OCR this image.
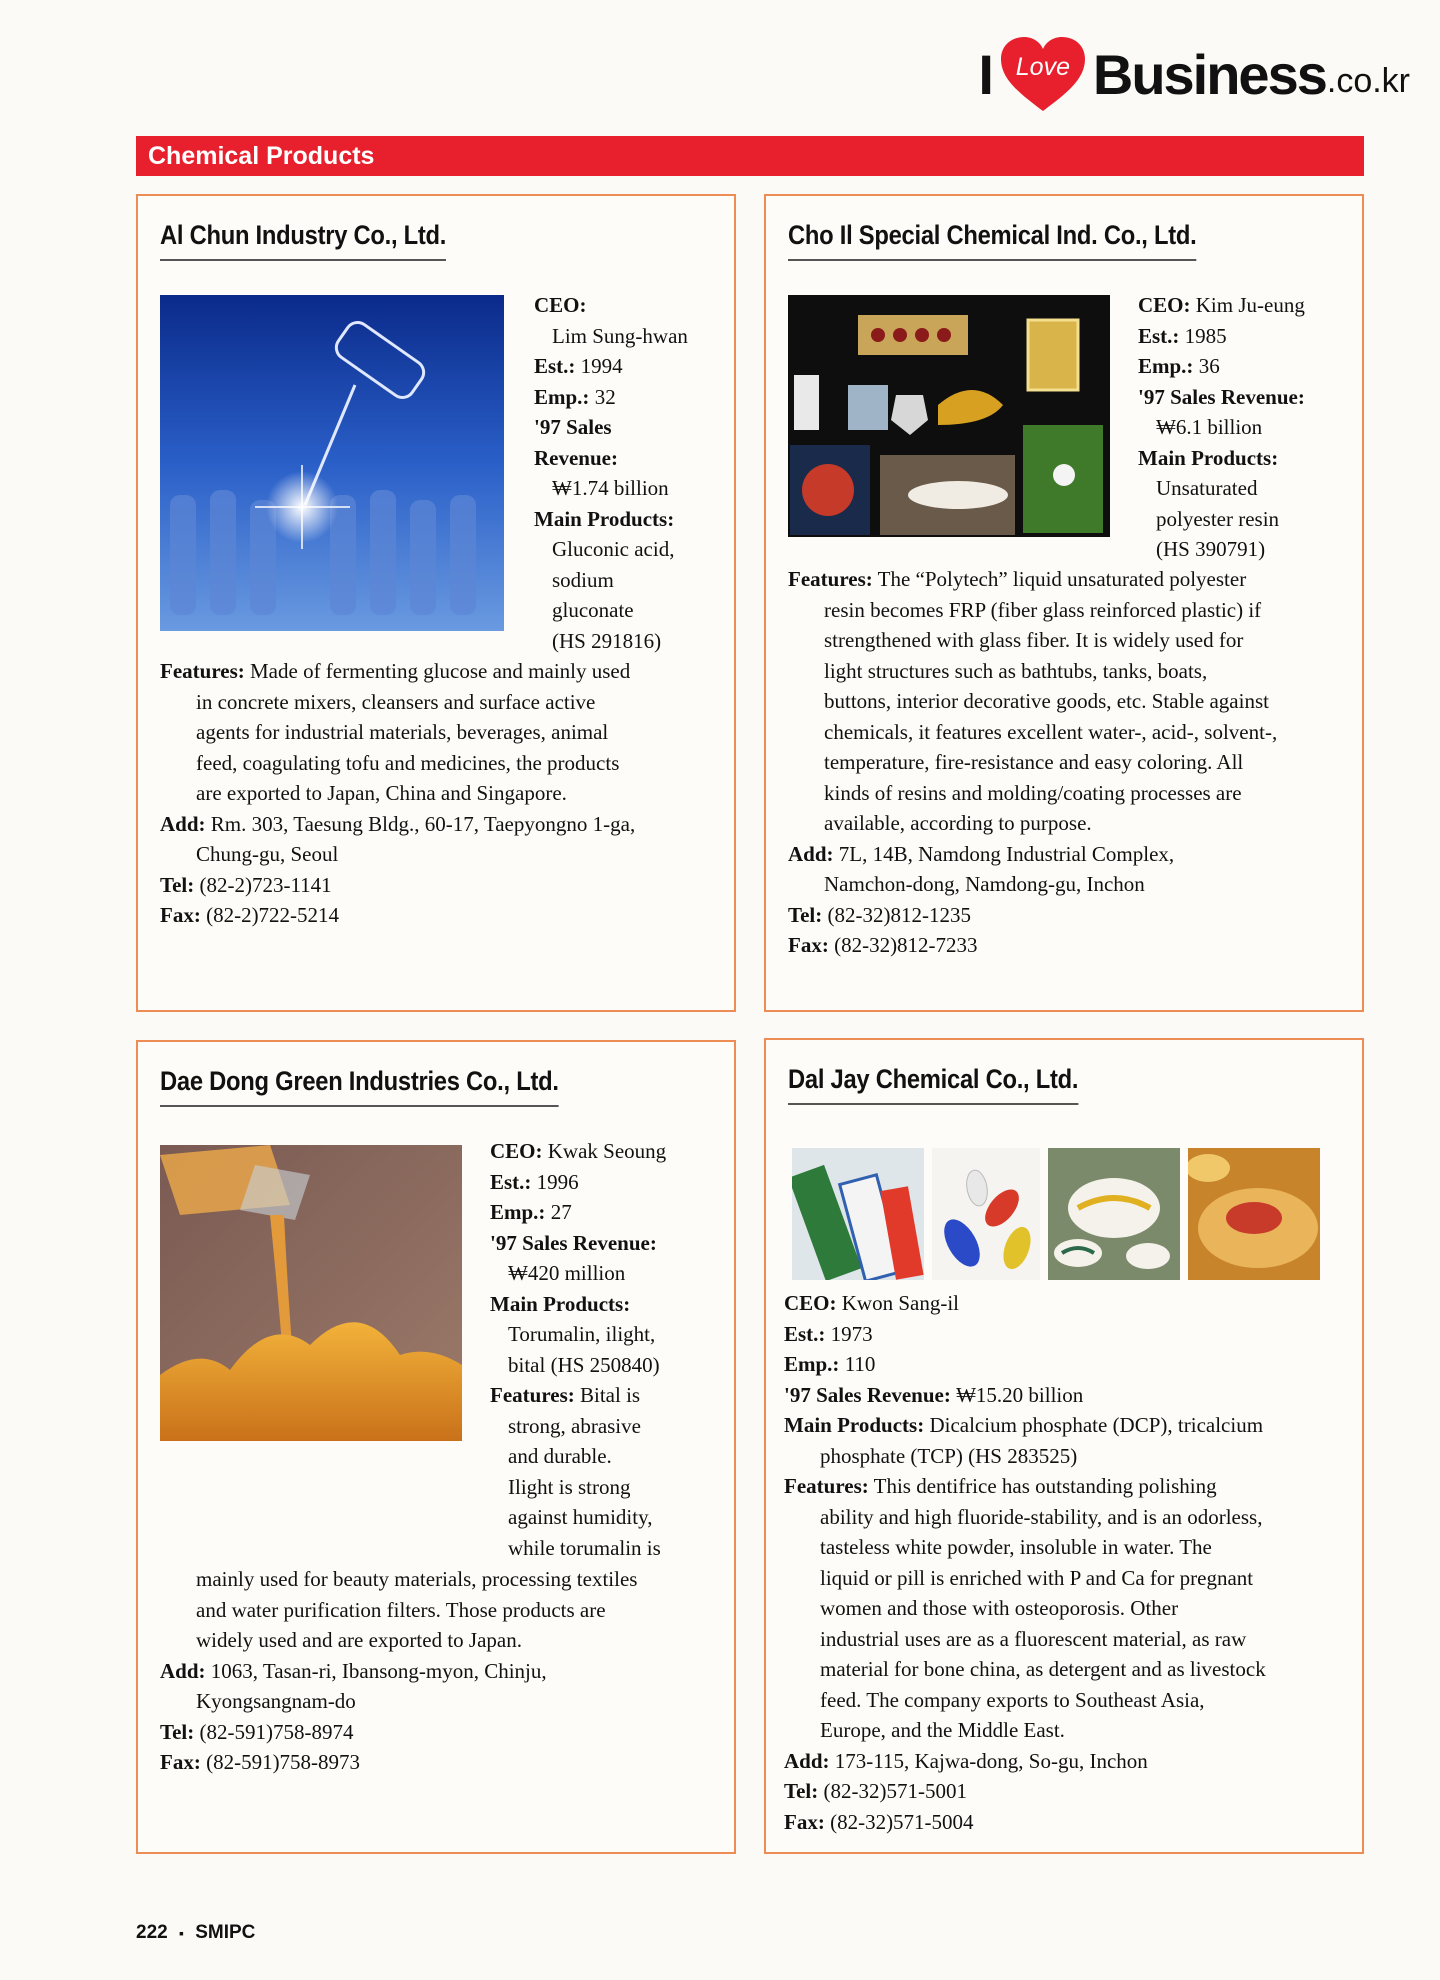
I Love Business .co.kr
Chemical Products
Al Chun Industry Co., Ltd.
CEO:
Lim Sung-hwan
Est.: 1994
Emp.: 32
'97 Sales
Revenue:
₩1.74 billion
Main Products:
Gluconic acid,
sodium
gluconate
(HS 291816)
Features: Made of fermenting glucose and mainly used
in concrete mixers, cleansers and surface active
agents for industrial materials, beverages, animal
feed, coagulating tofu and medicines, the products
are exported to Japan, China and Singapore.
Add: Rm. 303, Taesung Bldg., 60-17, Taepyongno 1-ga,
Chung-gu, Seoul
Tel: (82-2)723-1141
Fax: (82-2)722-5214
Cho Il Special Chemical Ind. Co., Ltd.
CEO: Kim Ju-eung
Est.: 1985
Emp.: 36
'97 Sales Revenue:
₩6.1 billion
Main Products:
Unsaturated
polyester resin
(HS 390791)
Features: The “Polytech” liquid unsaturated polyester
resin becomes FRP (fiber glass reinforced plastic) if
strengthened with glass fiber. It is widely used for
light structures such as bathtubs, tanks, boats,
buttons, interior decorative goods, etc. Stable against
chemicals, it features excellent water-, acid-, solvent-,
temperature, fire-resistance and easy coloring. All
kinds of resins and molding/coating processes are
available, according to purpose.
Add: 7L, 14B, Namdong Industrial Complex,
Namchon-dong, Namdong-gu, Inchon
Tel: (82-32)812-1235
Fax: (82-32)812-7233
Dae Dong Green Industries Co., Ltd.
CEO: Kwak Seoung
Est.: 1996
Emp.: 27
'97 Sales Revenue:
₩420 million
Main Products:
Torumalin, ilight,
bital (HS 250840)
Features: Bital is
strong, abrasive
and durable.
Ilight is strong
against humidity,
while torumalin is
mainly used for beauty materials, processing textiles
and water purification filters. Those products are
widely used and are exported to Japan.
Add: 1063, Tasan-ri, Ibansong-myon, Chinju,
Kyongsangnam-do
Tel: (82-591)758-8974
Fax: (82-591)758-8973
Dal Jay Chemical Co., Ltd.
CEO: Kwon Sang-il
Est.: 1973
Emp.: 110
'97 Sales Revenue: ₩15.20 billion
Main Products: Dicalcium phosphate (DCP), tricalcium
phosphate (TCP) (HS 283525)
Features: This dentifrice has outstanding polishing
ability and high fluoride-stability, and is an odorless,
tasteless white powder, insoluble in water. The
liquid or pill is enriched with P and Ca for pregnant
women and those with osteoporosis. Other
industrial uses are as a fluorescent material, as raw
material for bone china, as detergent and as livestock
feed. The company exports to Southeast Asia,
Europe, and the Middle East.
Add: 173-115, Kajwa-dong, So-gu, Inchon
Tel: (82-32)571-5001
Fax: (82-32)571-5004
222 ▪ SMIPC
